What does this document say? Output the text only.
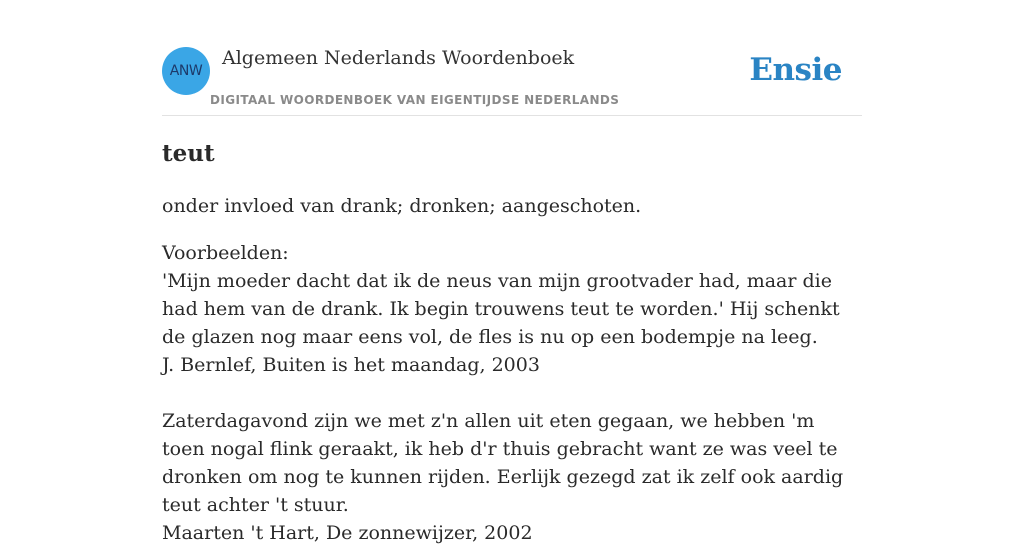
ANW
Algemeen Nederlands Woordenboek
DIGITAAL WOORDENBOEK VAN EIGENTIJDSE NEDERLANDS
Ensie
teut
onder invloed van drank; dronken; aangeschoten.
Voorbeelden:
'Mijn moeder dacht dat ik de neus van mijn grootvader had, maar die had hem van de drank. Ik begin trouwens teut te worden.' Hij schenkt de glazen nog maar eens vol, de fles is nu op een bodempje na leeg.
J. Bernlef, Buiten is het maandag, 2003
Zaterdagavond zijn we met z'n allen uit eten gegaan, we hebben 'm toen nogal flink geraakt, ik heb d'r thuis gebracht want ze was veel te dronken om nog te kunnen rijden. Eerlijk gezegd zat ik zelf ook aardig teut achter 't stuur.
Maarten 't Hart, De zonnewijzer, 2002
